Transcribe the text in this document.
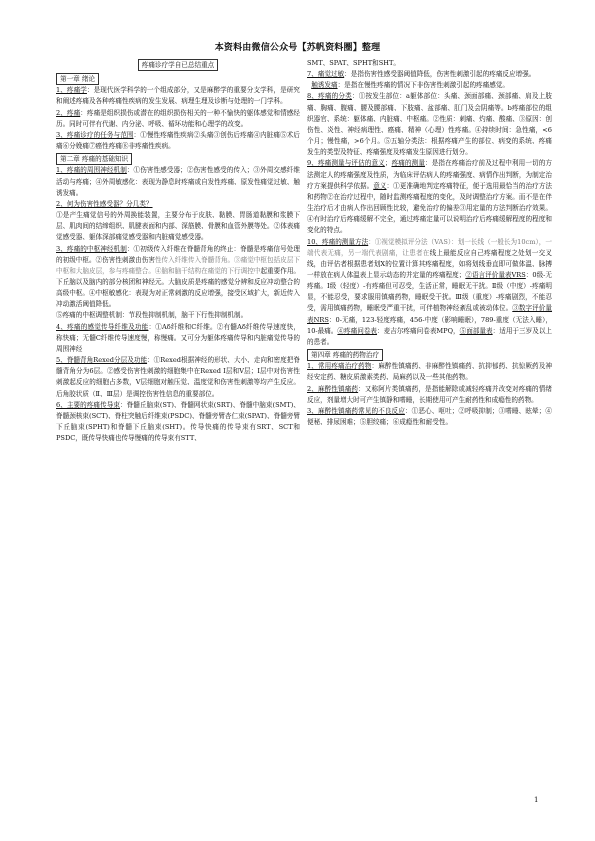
本资料由微信公众号【苏帆资料圈】整理

疼痛诊疗学自已总结重点

第一章 绪论

1、疼痛学：是现代医学科学的一个组成部分，又是麻醉学的重要分支学科，是研究和阐述疼痛及各种疼痛性疾病的发生发展、病理生理及诊断与处理的一门学科。

2、疼痛：疼痛是组织损伤或潜在的组织损伤相关的一种不愉快的躯体感觉和情感经历。同时可伴有代谢、内分泌、呼吸、循环功能和心理学的改变。

3、疼痛诊疗的任务与范围：①慢性疼痛性疾病②头痛③创伤后疼痛④内脏痛⑤术后痛⑥分娩痛⑦癌性疼痛⑧非疼痛性疾病。

第二章 疼痛的基础知识

1、疼痛的周围神经机制：①伤害性感受器；②伤害性感受的传入；③外周交感纤维活动与疼痛；④外周敏感化：表现为静息时疼痛或自发性疼痛、原发性痛觉过敏、触诱发痛。

2、何为伤害性感受器？分几类？
①是产生痛觉信号的外周换能装置，主要分布于皮肤、黏膜、胃肠道黏膜和浆膜下层、肌肉间的结缔组织、肌腱表面和内部、深筋膜、骨膜和血管外膜等处。②体表痛觉感受器、躯体深部痛觉感受器和内脏痛觉感受器。

3、疼痛的中枢神经机制：①初级传入纤维在脊髓背角的终止：脊髓是疼痛信号处理的初级中枢。②伤害性刺激由伤害性传入纤维传入脊髓背角。③痛觉中枢包括皮层下中枢和大脑皮层，参与疼痛整合。④脑和脑干结构在痛觉的下行调控中起重要作用。下丘脑以及脑内的部分核团和神经元。大脑皮质是疼痛的感觉分辨和反应冲动整合的高级中枢。④中枢敏感化：表现为对正常刺激的反应增强，接受区域扩大，新近传入冲动激活阈值降低。

⑤疼痛的中枢调整机制：节段性抑制机制，脑干下行性抑制机制。

4、疼痛的感觉传导纤维及功能：①Aδ纤维和C纤维。②有髓Aδ纤维传导速度快，称快痛；无髓C纤维传导速度慢，称慢痛。又可分为躯体疼痛传导和内脏痛觉传导的周围神经

5、脊髓背角Rexed分层及功能：①Rexed根据神经的形状、大小、走向和密度把脊髓背角分为6层。②感受伤害性刺激的细胞集中在Rexed Ⅰ层和Ⅴ层；Ⅰ层中对伤害性刺激起反应的细胞占多数，Ⅴ层细胞对触压觉、温度觉和伤害性刺激等均产生反应。后角胶状质（Ⅱ、Ⅲ层）是调控伤害性信息的重要部位。

6、主要的疼痛传导束：脊髓丘脑束(ST)、脊髓网状束(SRT)、脊髓中脑束(SMT)、脊髓颈核束(SCT)、脊柱突触后纤维束(PSDC)、脊髓旁臂杏仁束(SPAT)、脊髓旁臂下丘脑束(SPHT)和脊髓下丘脑束(SHT)。传导快痛的传导束有SRT、SCT和PSDC，既传导快痛也传导慢痛的传导束有STT、

SMT、SPAT、SPHT和SHT。

7、痛觉过敏：是指伤害性感受器阈值降低，伤害性刺激引起的疼痛反应增强。

触诱发痛：是指在慢性疼痛的情况下非伤害性刺激引起的疼痛感觉。

8、疼痛的分类：①按发生部位：a躯体部位：头痛、颈面部痛、颈部痛、肩及上肢痛、胸痛、腹痛、腰及腰部痛、下肢痛、盆部痛、肛门及会阴痛等。b疼痛部位的组织器官、系统：躯体痛、内脏痛、中枢痛。②性质：刺痛、灼痛、酸痛、③原因：创伤性、炎性、神经病理性、癌痛、精神（心理）性疼痛。④持续时间：急性痛，<6个月；慢性痛，>6个月。⑤五轴分类法：根据疼痛产生的部位、病变的系统、疼痛发生的类型及特征、疼痛强度及疼痛发生原因进行划分。

9、疼痛测量与评估的意义；疼痛的测量：是指在疼痛治疗前及过程中利用一切的方法测定人的疼痛强度及性质，为临床评估病人的疼痛强度、病情作出判断，为制定治疗方案提供科学依据。意义：①更准确地判定疼痛特征，便于选用最恰当的治疗方法和药物②在治疗过程中，随时监测疼痛程度的变化，及时调整治疗方案。而不是在伴生治疗后才由病人作出回顾性比较，避免治疗的偏差③用定量的方法判断治疗效果。④有时治疗后疼痛缓解不完全，通过疼痛定量可以说明治疗后疼痛缓解程度的程度和变化的特点。

10、疼痛的测量方法：①视觉模拟评分法（VAS）：划一长线（一般长为10cm），一端代表无痛，另一端代表剧痛，让患者在线上最能反应自己疼痛程度之处划一交叉线，由评估者根据患者划X的位置计算其疼痛程度，如将划线垂直即可做体温、脉搏一样放在病人体温表上显示动态的并定量的疼痛程度；②语言评价量表VRS：0级-无疼痛。Ⅰ级（轻度）-有疼痛但可忍受，生活正常，睡眠无干扰。Ⅱ级（中度）-疼痛明显，不能忍受，要求服用镇痛药物，睡眠受干扰。Ⅲ级（重度）-疼痛剧烈，不能忍受，需用镇痛药物，睡眠受严重干扰，可伴植物神经紊乱或被动体位。③数字评价量表NRS：0-无痛，123-轻度疼痛，456-中度（影响睡眠），789-重度（无法入睡），10-最痛。④疼痛问卷表：麦吉尔疼痛问卷表MPQ，⑤面部量表：适用于三岁及以上的患者。

第四章 疼痛的药物治疗

1、常用疼痛治疗药物：麻醉性镇痛药、非麻醉性镇痛药、抗抑郁药、抗惊厥药及神经安定药、糖皮质激素类药、局麻药以及一些其他药物。

2、麻醉性镇痛药：又称阿片类镇痛药，是指能解除或减轻疼痛并改变对疼痛的情绪反应，剂量增大时可产生镇静和嗜睡，长期使用可产生耐药性和成瘾性的药物。

3、麻醉性镇痛药常见的不良反应：①恶心、呕吐；②呼吸抑制；③嗜睡、眩晕；④便秘、排尿困难；⑤胆绞痛；⑥成瘾性和耐受性。

1
